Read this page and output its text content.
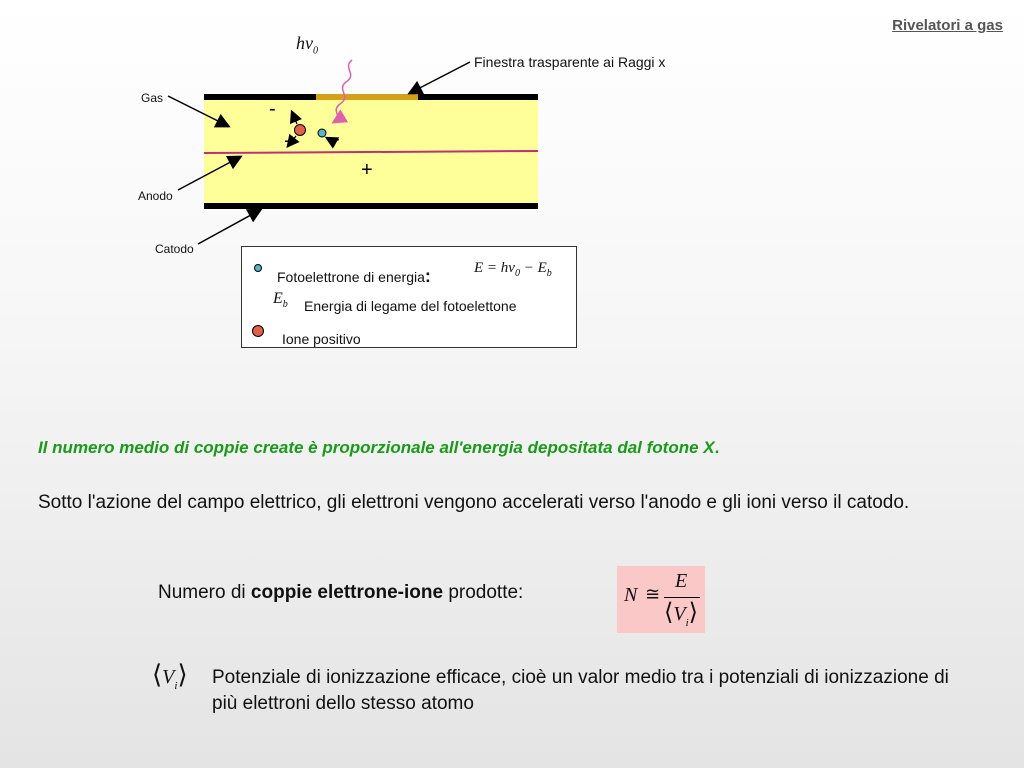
Rivelatori a gas
-
+ -
+
$h\nu_0$
Finestra trasparente ai Raggi x
Gas
Anodo
Catodo
Fotoelettrone di energia:	$E = h\nu_0 - E_b$
$E_b$ Energia di legame del fotoelettone
Ione positivo
Il numero medio di coppie create è proporzionale all'energia depositata dal fotone X.
Sotto l'azione del campo elettrico, gli elettroni vengono accelerati verso l'anodo e gli ioni verso il catodo.
Numero di coppie elettrone-ione prodotte:	N ≅
E
$⟨V_i⟩$
$⟨V_i⟩$ Potenziale di ionizzazione efficace, cioè un valor medio tra i potenziali di ionizzazione di più elettroni dello stesso atomo
